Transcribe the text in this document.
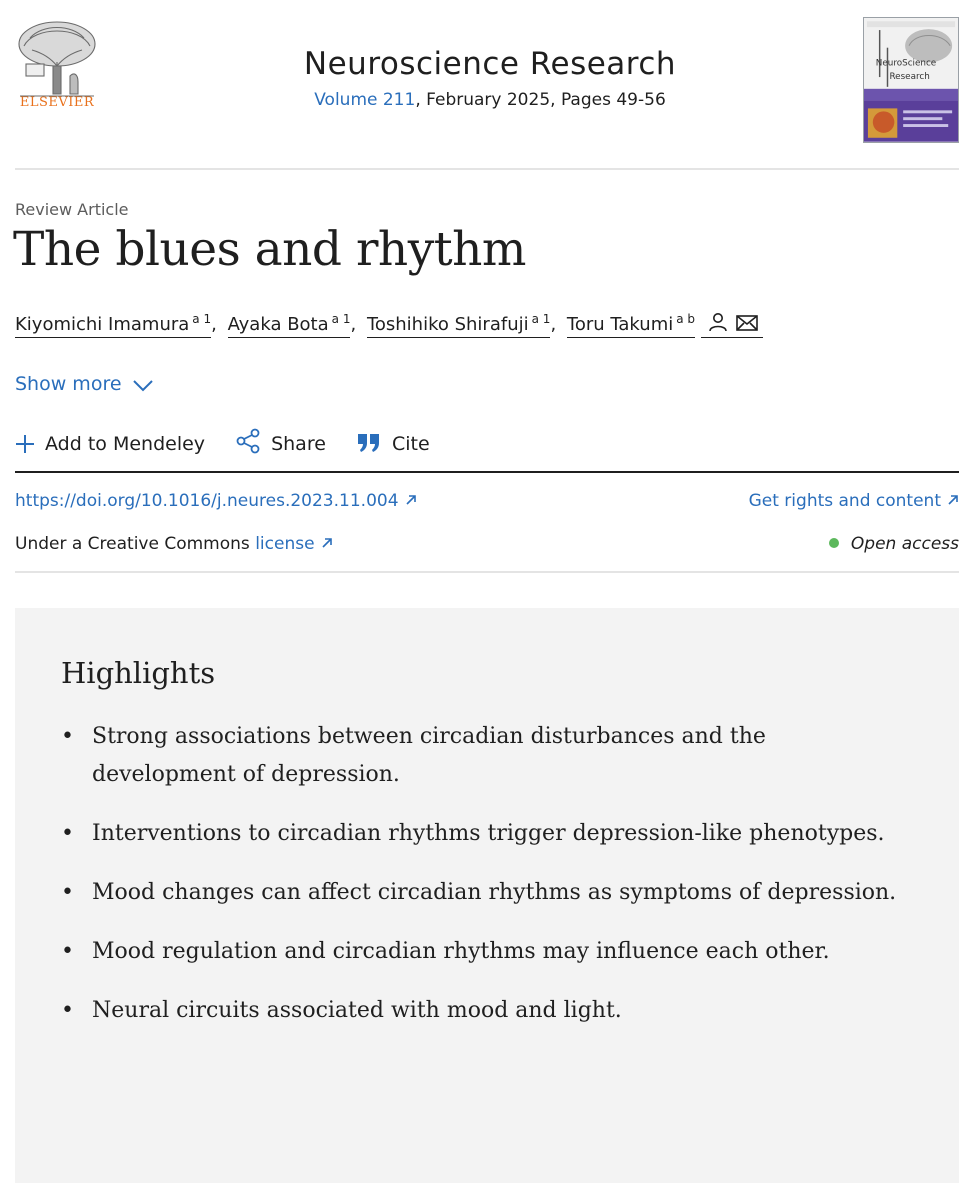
ELSEVIER
Neuroscience Research
Volume 211, February 2025, Pages 49-56
NeuroScience
Research
Review Article
The blues and rhythm
Kiyomichi Imamura $^{a 1}$, Ayaka Bota $^{a 1}$, Toshihiko Shirafuji $^{a 1}$, Toru Takumi $^{a b}$
Show more
Add to Mendeley	Share	Cite
https://doi.org/10.1016/j.neures.2023.11.004	Get rights and content
Under a Creative Commons license	Open access
Highlights
• Strong associations between circadian disturbances and the development of depression.
• Interventions to circadian rhythms trigger depression-like phenotypes.
• Mood changes can affect circadian rhythms as symptoms of depression.
• Mood regulation and circadian rhythms may influence each other.
• Neural circuits associated with mood and light.
